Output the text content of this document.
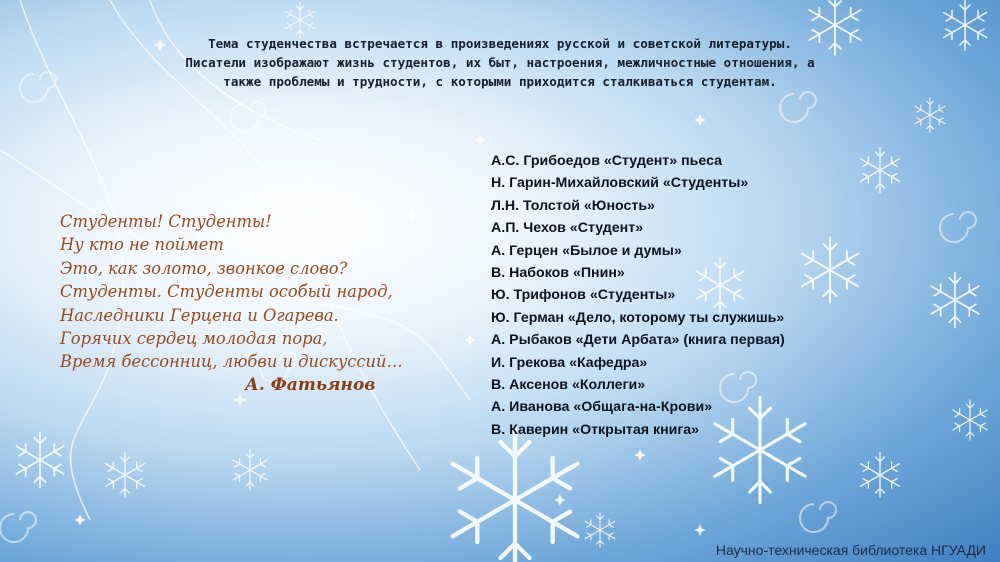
Тема студенчества встречается в произведениях русской и советской литературы. Писатели изображают жизнь студентов, их быт, настроения, межличностные отношения, а также проблемы и трудности, с которыми приходится сталкиваться студентам.
Студенты! Студенты!
Ну кто не поймет
Это, как золото, звонкое слово?
Студенты. Студенты особый народ,
Наследники Герцена и Огарева.
Горячих сердец молодая пора,
Время бессонниц, любви и дискуссий…
А. Фатьянов
А.С. Грибоедов «Студент» пьеса
Н. Гарин-Михайловский «Студенты»
Л.Н. Толстой «Юность»
А.П. Чехов «Студент»
А. Герцен «Былое и думы»
В. Набоков «Пнин»
Ю. Трифонов «Студенты»
Ю. Герман «Дело, которому ты служишь»
А. Рыбаков «Дети Арбата» (книга первая)
И. Грекова «Кафедра»
В. Аксенов «Коллеги»
А. Иванова «Общага-на-Крови»
В. Каверин «Открытая книга»
Научно-техническая библиотека НГУАДИ
